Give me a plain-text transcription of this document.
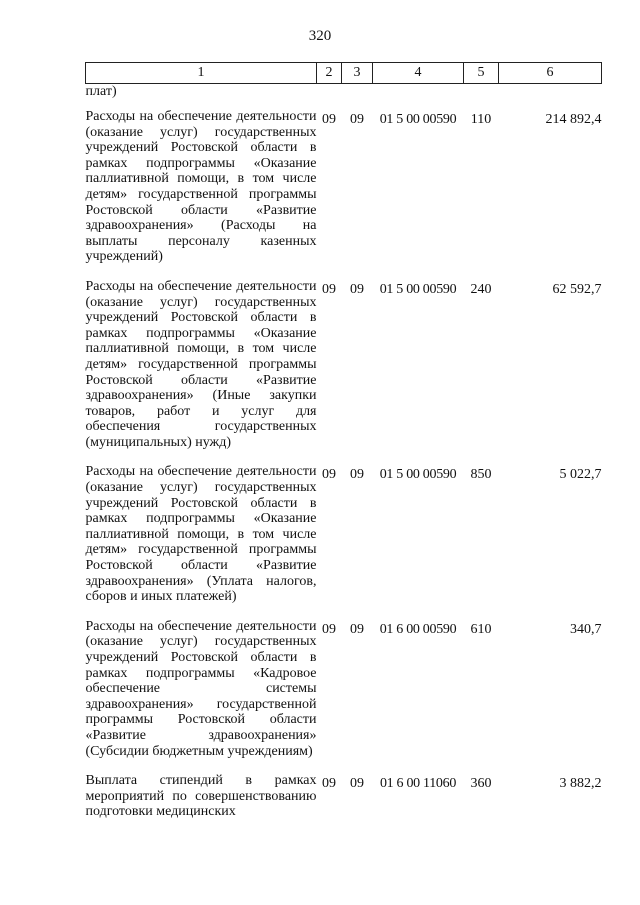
320
1	2	3	4	5	6
плат)					
Расходы на обеспечение деятельности (оказание услуг) государственных учреждений Ростовской области в рамках подпрограммы «Оказание паллиативной помощи, в том числе детям» государственной программы Ростовской области «Развитие здравоохранения» (Расходы на выплаты персоналу казенных учреждений)	09	09	01 5 00 00590	110	214 892,4
Расходы на обеспечение деятельности (оказание услуг) государственных учреждений Ростовской области в рамках подпрограммы «Оказание паллиативной помощи, в том числе детям» государственной программы Ростовской области «Развитие здравоохранения» (Иные закупки товаров, работ и услуг для обеспечения государственных (муниципальных) нужд)	09	09	01 5 00 00590	240	62 592,7
Расходы на обеспечение деятельности (оказание услуг) государственных учреждений Ростовской области в рамках подпрограммы «Оказание паллиативной помощи, в том числе детям» государственной программы Ростовской области «Развитие здравоохранения» (Уплата налогов, сборов и иных платежей)	09	09	01 5 00 00590	850	5 022,7
Расходы на обеспечение деятельности (оказание услуг) государственных учреждений Ростовской области в рамках подпрограммы «Кадровое обеспечение системы здравоохранения» государственной программы Ростовской области «Развитие здравоохранения» (Субсидии бюджетным учреждениям)	09	09	01 6 00 00590	610	340,7
Выплата стипендий в рамках мероприятий по совершенствованию подготовки медицинских	09	09	01 6 00 11060	360	3 882,2
